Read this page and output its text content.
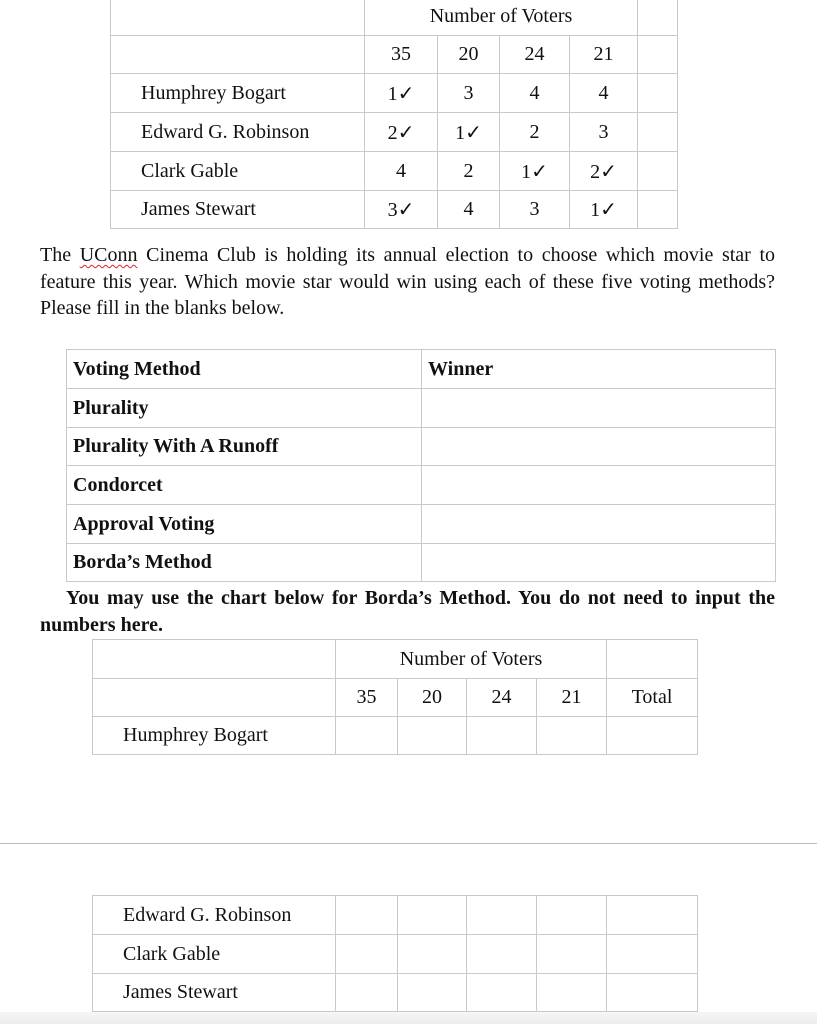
	Number of Voters				
	35	20	24	21	
Humphrey Bogart	1✓	3	4	4	
Edward G. Robinson	2✓	1✓	2	3	
Clark Gable	4	2	1✓	2✓	
James Stewart	3✓	4	3	1✓	
The UConn Cinema Club is holding its annual election to choose which movie star to feature this year. Which movie star would win using each of these five voting methods? Please fill in the blanks below.
Voting Method	Winner
Plurality	
Plurality With A Runoff	
Condorcet	
Approval Voting	
Borda’s Method	
You may use the chart below for Borda’s Method. You do not need to input the numbers here.
	Number of Voters				
	35	20	24	21	Total
Humphrey Bogart					
Edward G. Robinson					
Clark Gable					
James Stewart					
